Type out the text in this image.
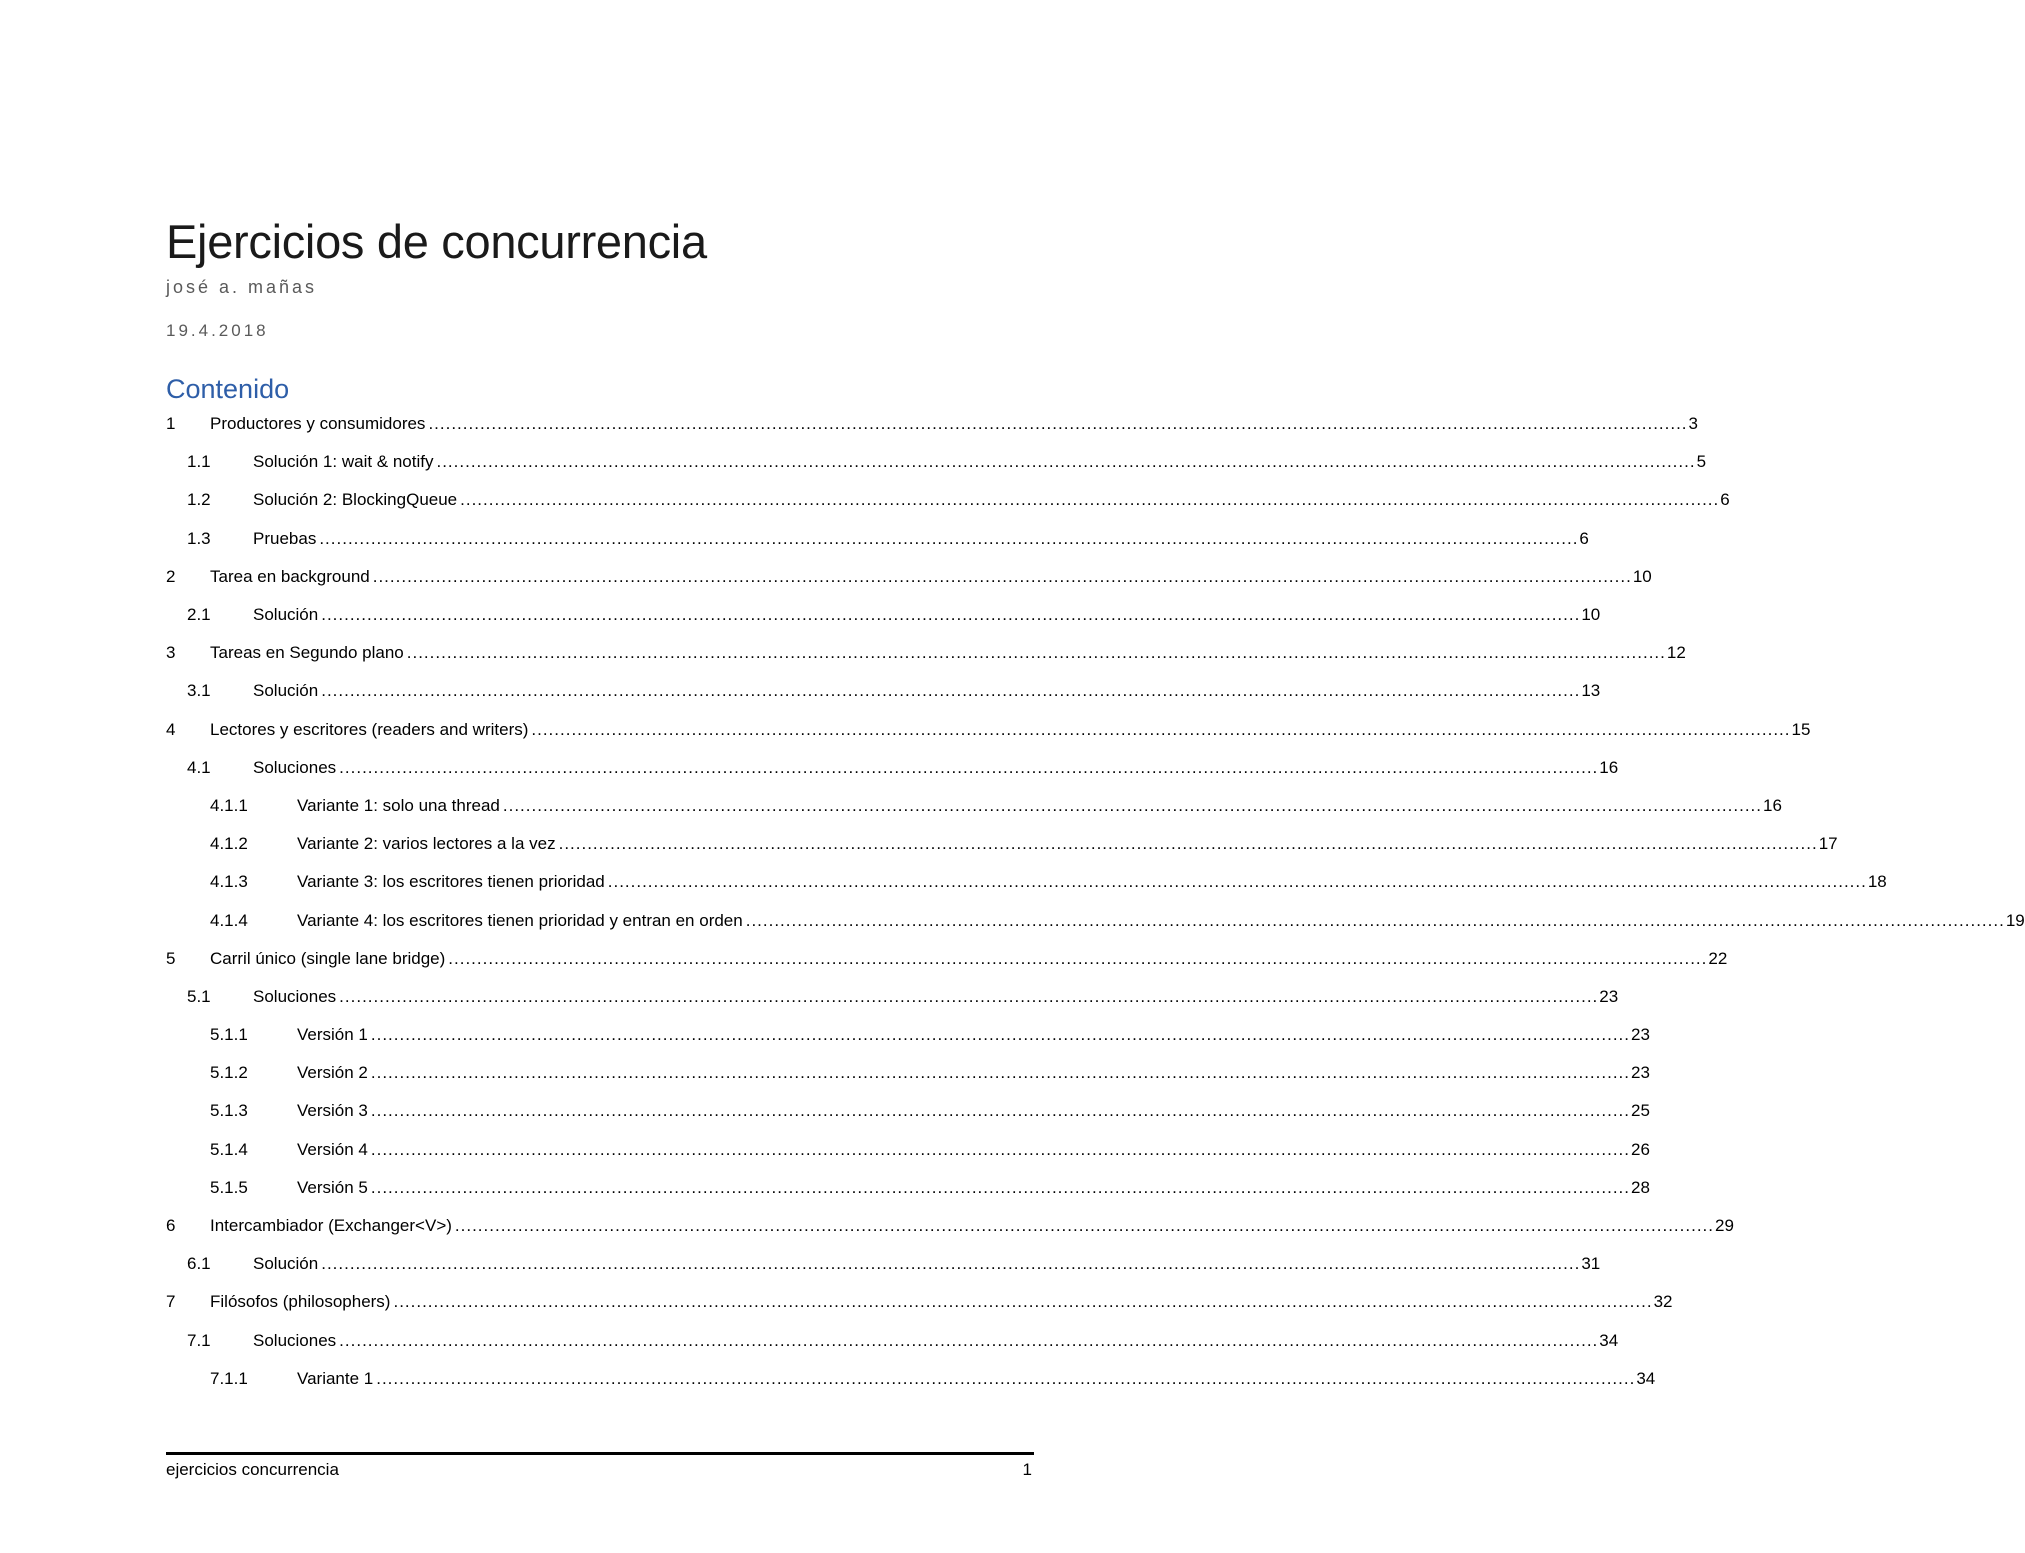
Ejercicios de concurrencia
josé a. mañas
19.4.2018
Contenido
1 Productores y consumidores ............................................................................................................................................................................................................................ 3
1.1 Solución 1: wait & notify ............................................................................................................................................................................................................................ 5
1.2 Solución 2: BlockingQueue ............................................................................................................................................................................................................................ 6
1.3 Pruebas ............................................................................................................................................................................................................................ 6
2 Tarea en background ............................................................................................................................................................................................................................ 10
2.1 Solución ............................................................................................................................................................................................................................ 10
3 Tareas en Segundo plano ............................................................................................................................................................................................................................ 12
3.1 Solución ............................................................................................................................................................................................................................ 13
4 Lectores y escritores (readers and writers) ............................................................................................................................................................................................................................ 15
4.1 Soluciones ............................................................................................................................................................................................................................ 16
4.1.1	Variante 1: solo una thread ............................................................................................................................................................................................................................ 16
4.1.2	Variante 2: varios lectores a la vez ............................................................................................................................................................................................................................ 17
4.1.3	Variante 3: los escritores tienen prioridad ............................................................................................................................................................................................................................ 18
4.1.4	Variante 4: los escritores tienen prioridad y entran en orden ............................................................................................................................................................................................................................ 19
5 Carril único (single lane bridge) ............................................................................................................................................................................................................................ 22
5.1 Soluciones ............................................................................................................................................................................................................................ 23
5.1.1	Versión 1 ............................................................................................................................................................................................................................ 23
5.1.2	Versión 2 ............................................................................................................................................................................................................................ 23
5.1.3	Versión 3 ............................................................................................................................................................................................................................ 25
5.1.4	Versión 4 ............................................................................................................................................................................................................................ 26
5.1.5	Versión 5 ............................................................................................................................................................................................................................ 28
6 Intercambiador (Exchanger<V>) ............................................................................................................................................................................................................................ 29
6.1 Solución ............................................................................................................................................................................................................................ 31
7 Filósofos (philosophers) ............................................................................................................................................................................................................................ 32
7.1 Soluciones ............................................................................................................................................................................................................................ 34
7.1.1	Variante 1 ............................................................................................................................................................................................................................ 34
ejercicios concurrencia	1
